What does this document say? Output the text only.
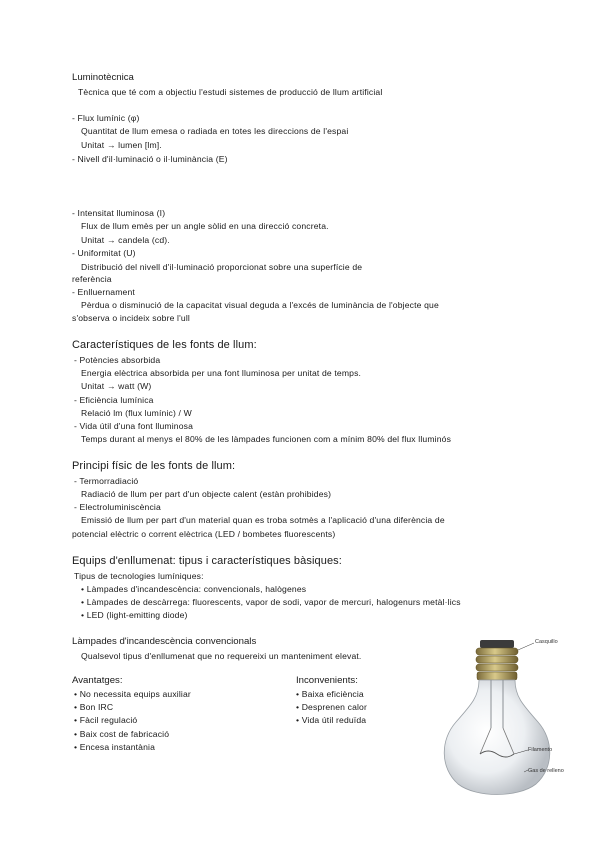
Luminotècnica
Tècnica que té com a objectiu l'estudi sistemes de producció de llum artificial
- Flux lumínic (φ)
Quantitat de llum emesa o radiada en totes les direccions de l'espai
Unitat → lumen [lm].
- Nivell d'il·luminació o il·luminància (E)
- Intensitat lluminosa (I)
Flux de llum emès per un angle sòlid en una direcció concreta.
Unitat → candela (cd).
- Uniformitat (U)
Distribució del nivell d'il·luminació proporcionat sobre una superfície de
referència
- Enlluernament
Pèrdua o disminució de la capacitat visual deguda a l'excés de luminància de l'objecte que
s'observa o incideix sobre l'ull
Característiques de les fonts de llum:
- Potències absorbida
Energia elèctrica absorbida per una font lluminosa per unitat de temps.
Unitat → watt (W)
- Eficiència lumínica
Relació lm (flux lumínic) / W
- Vida útil d'una font lluminosa
Temps durant al menys el 80% de les làmpades funcionen com a mínim 80% del flux lluminós
Principi físic de les fonts de llum:
- Termorradiació
Radiació de llum per part d'un objecte calent (estàn prohibides)
- Electroluminiscència
Emissió de llum per part d'un material quan es troba sotmès a l'aplicació d'una diferència de
potencial elèctric o corrent elèctrica (LED / bombetes fluorescents)
Equips d'enllumenat: tipus i característiques bàsiques:
Tipus de tecnologies lumíniques:
• Làmpades d'incandescència: convencionals, halògenes
• Làmpades de descàrrega: fluorescents, vapor de sodi, vapor de mercuri, halogenurs metàl·lics
• LED (light-emitting diode)
Làmpades d'incandescència convencionals
Qualsevol tipus d'enllumenat que no requereixi un manteniment elevat.
Avantatges:
• No necessita equips auxiliar
• Bon IRC
• Fàcil regulació
• Baix cost de fabricació
• Encesa instantània
Inconvenients:
• Baixa eficiència
• Desprenen calor
• Vida útil reduïda
Casquillo
Filamento
Gas de relleno
